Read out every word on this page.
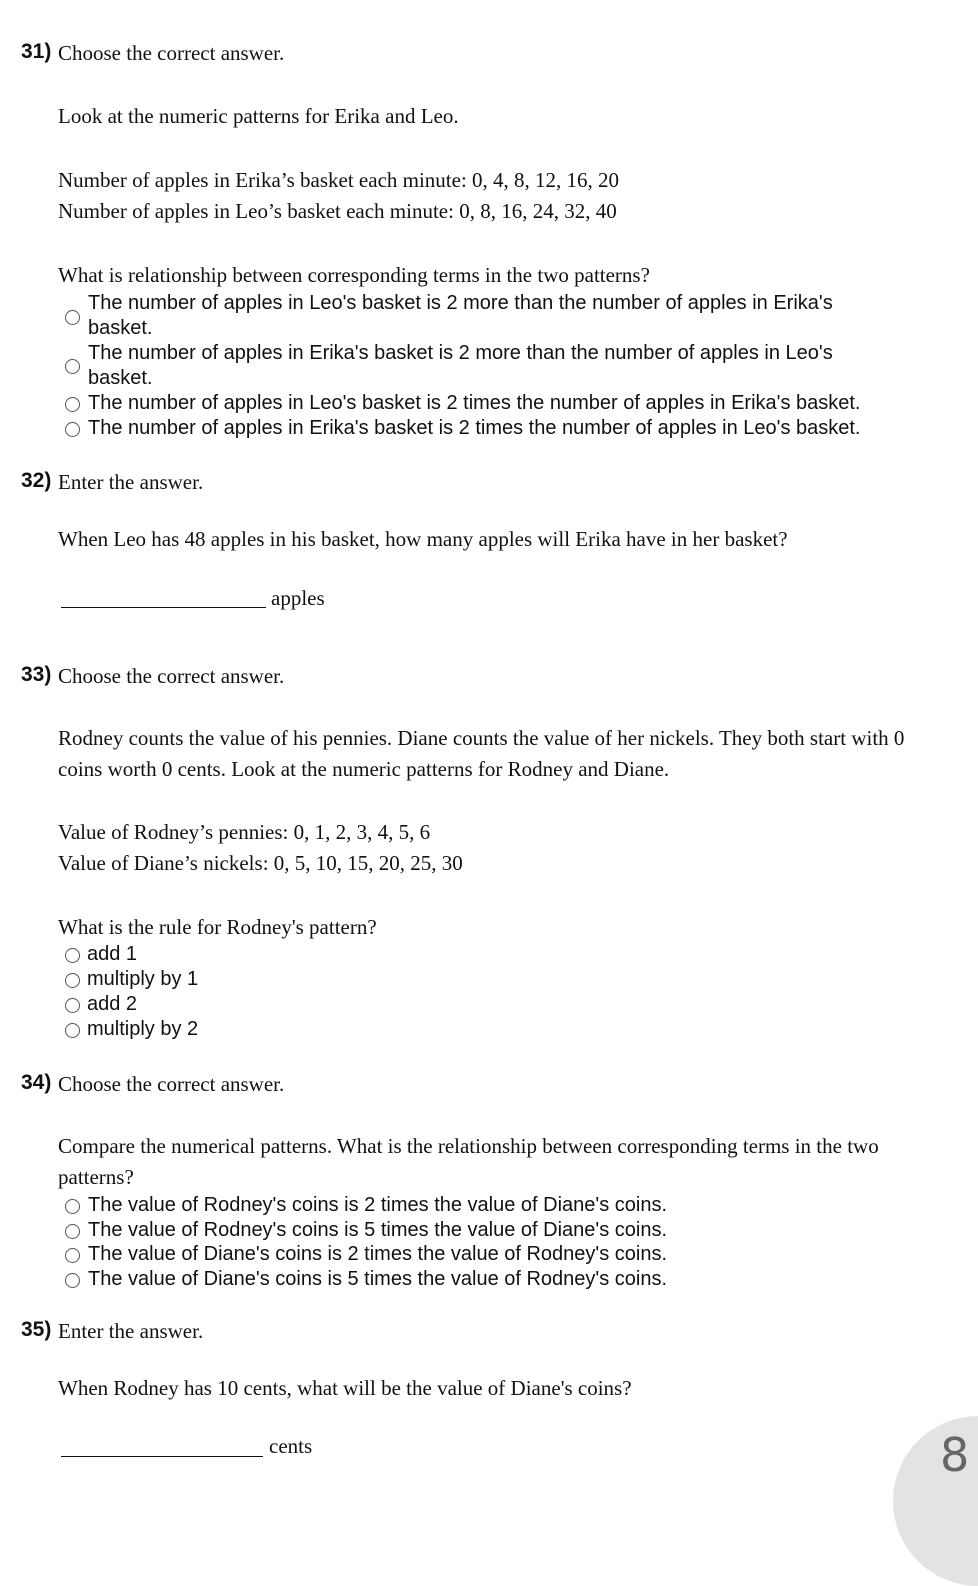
31) Choose the correct answer.
Look at the numeric patterns for Erika and Leo.
Number of apples in Erika’s basket each minute: 0, 4, 8, 12, 16, 20
Number of apples in Leo’s basket each minute: 0, 8, 16, 24, 32, 40
What is relationship between corresponding terms in the two patterns?
The number of apples in Leo's basket is 2 more than the number of apples in Erika's
basket.
The number of apples in Erika's basket is 2 more than the number of apples in Leo's
basket.
The number of apples in Leo's basket is 2 times the number of apples in Erika's basket.
The number of apples in Erika's basket is 2 times the number of apples in Leo's basket.
32) Enter the answer.
When Leo has 48 apples in his basket, how many apples will Erika have in her basket?
apples
33) Choose the correct answer.
Rodney counts the value of his pennies. Diane counts the value of her nickels. They both start with 0
coins worth 0 cents. Look at the numeric patterns for Rodney and Diane.
Value of Rodney’s pennies: 0, 1, 2, 3, 4, 5, 6
Value of Diane’s nickels: 0, 5, 10, 15, 20, 25, 30
What is the rule for Rodney's pattern?
add 1
multiply by 1
add 2
multiply by 2
34) Choose the correct answer.
Compare the numerical patterns. What is the relationship between corresponding terms in the two
patterns?
The value of Rodney's coins is 2 times the value of Diane's coins.
The value of Rodney's coins is 5 times the value of Diane's coins.
The value of Diane's coins is 2 times the value of Rodney's coins.
The value of Diane's coins is 5 times the value of Rodney's coins.
35) Enter the answer.
When Rodney has 10 cents, what will be the value of Diane's coins?
cents	8
